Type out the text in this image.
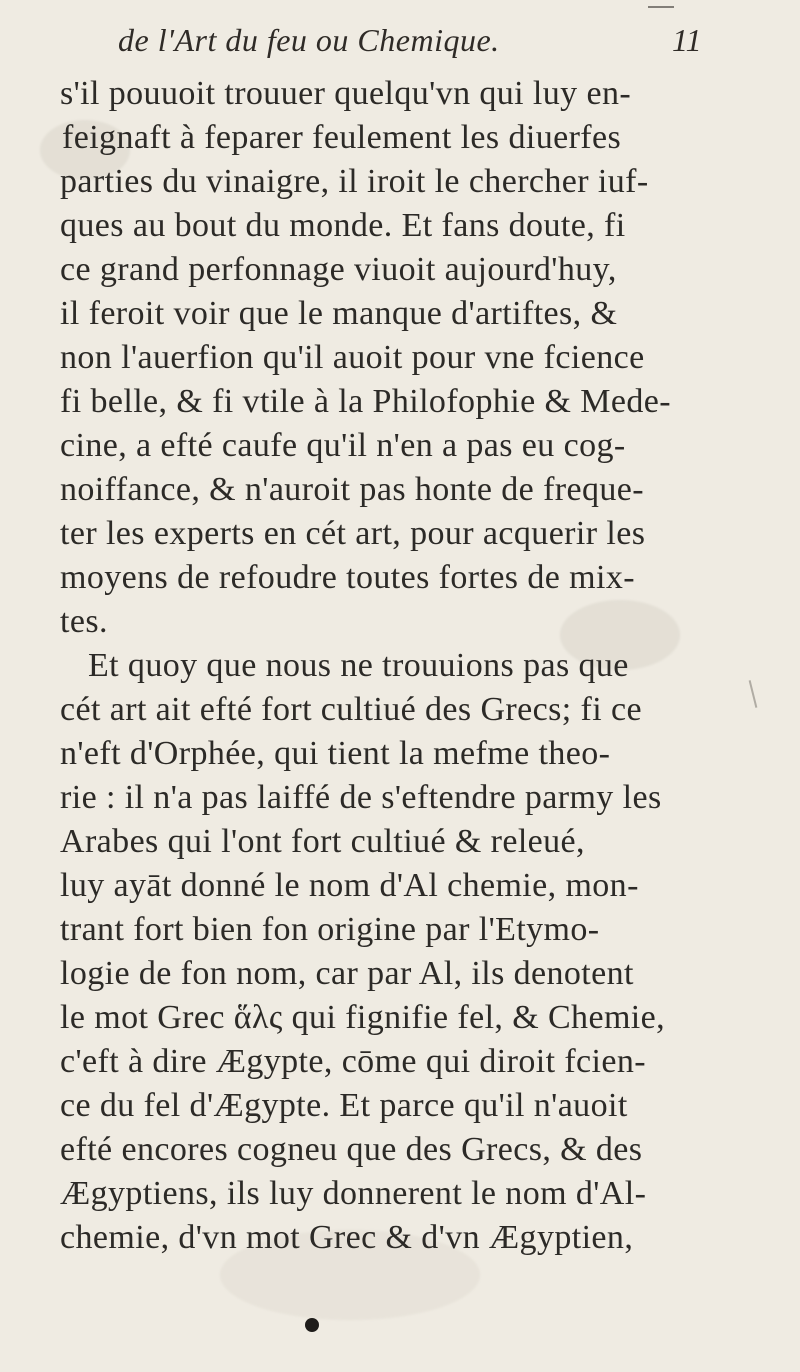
de l'Art du feu ou Chemique.	11
s'il pouuoit trouuer quelqu'vn qui luy en-
feignaft à feparer feulement les diuerfes
parties du vinaigre, il iroit le chercher iuf-
ques au bout du monde. Et fans doute, fi
ce grand perfonnage viuoit aujourd'huy,
il feroit voir que le manque d'artiftes, &
non l'auerfion qu'il auoit pour vne fcience
fi belle, & fi vtile à la Philofophie & Mede-
cine, a efté caufe qu'il n'en a pas eu cog-
noiffance, & n'auroit pas honte de freque-
ter les experts en cét art, pour acquerir les
moyens de refoudre toutes fortes de mix-
tes.
Et quoy que nous ne trouuions pas que
cét art ait efté fort cultiué des Grecs; fi ce
n'eft d'Orphée, qui tient la mefme theo-
rie : il n'a pas laiffé de s'eftendre parmy les
Arabes qui l'ont fort cultiué & releué,
luy ayāt donné le nom d'Al chemie, mon-
trant fort bien fon origine par l'Etymo-
logie de fon nom, car par Al, ils denotent
le mot Grec ἅλς qui fignifie fel, & Chemie,
c'eft à dire Ægypte, cōme qui diroit fcien-
ce du fel d'Ægypte. Et parce qu'il n'auoit
efté encores cogneu que des Grecs, & des
Ægyptiens, ils luy donnerent le nom d'Al-
chemie, d'vn mot Grec & d'vn Ægyptien,
